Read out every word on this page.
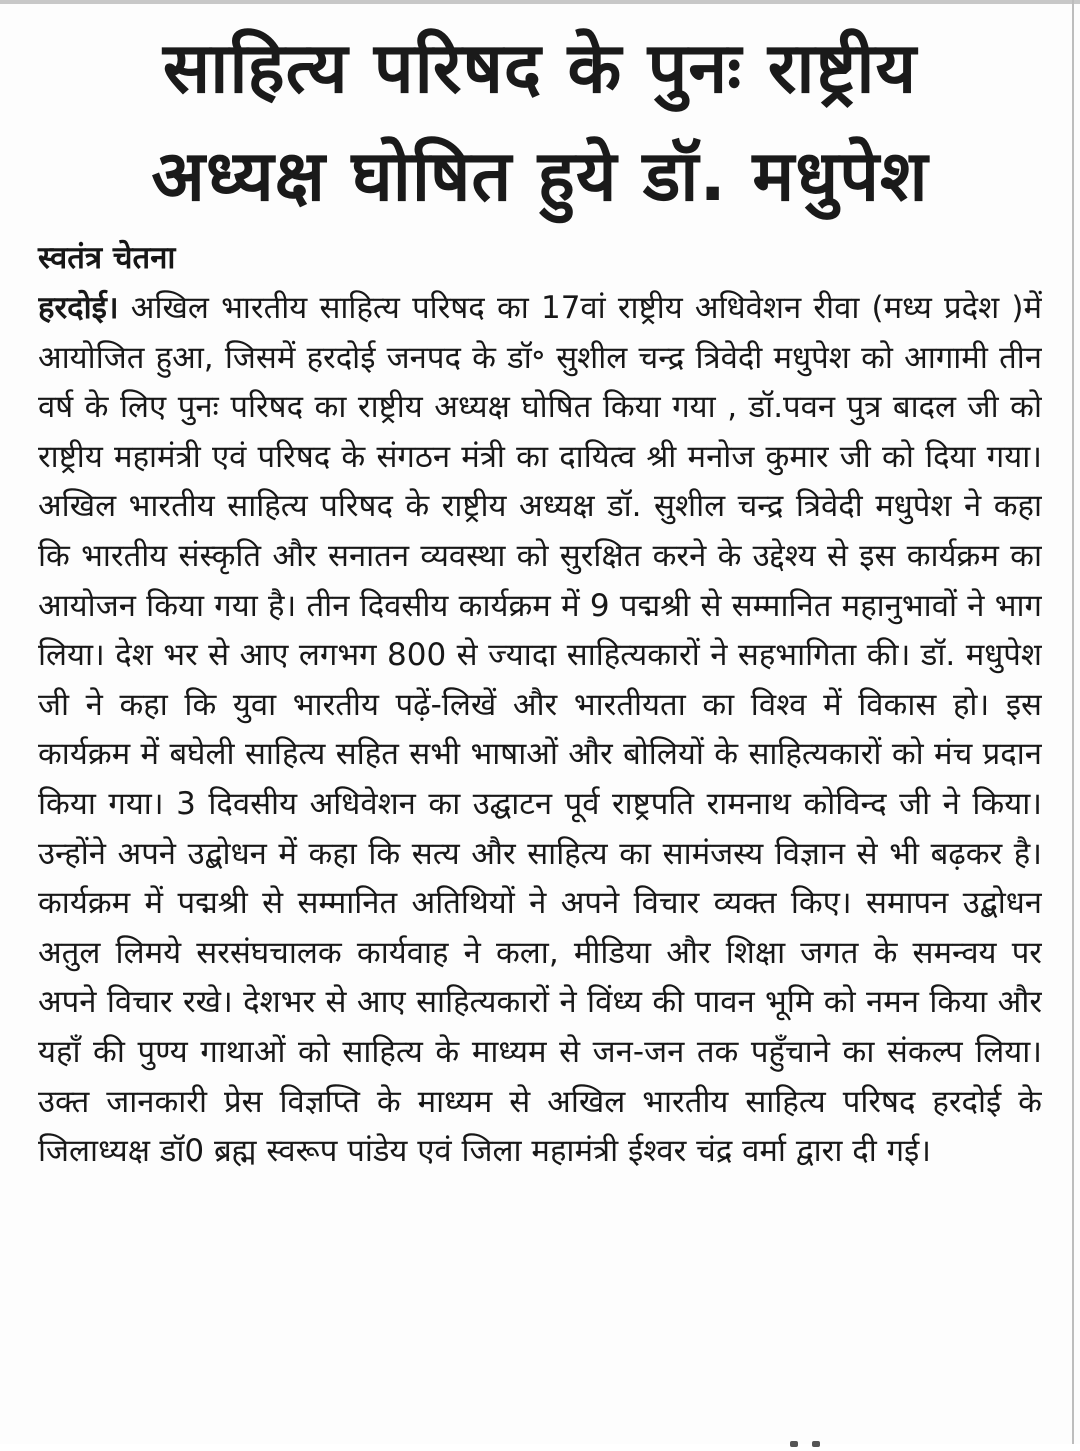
साहित्य परिषद के पुनः राष्ट्रीय
अध्यक्ष घोषित हुये डॉ. मधुपेश
स्वतंत्र चेतना
हरदोई। अखिल भारतीय साहित्य परिषद का 17वां राष्ट्रीय अधिवेशन रीवा (मध्य प्रदेश )में आयोजित हुआ, जिसमें हरदोई जनपद के डॉ॰ सुशील चन्द्र त्रिवेदी मधुपेश को आगामी तीन वर्ष के लिए पुनः परिषद का राष्ट्रीय अध्यक्ष घोषित किया गया , डॉ.पवन पुत्र बादल जी को राष्ट्रीय महामंत्री एवं परिषद के संगठन मंत्री का दायित्व श्री मनोज कुमार जी को दिया गया। अखिल भारतीय साहित्य परिषद के राष्ट्रीय अध्यक्ष डॉ. सुशील चन्द्र त्रिवेदी मधुपेश ने कहा कि भारतीय संस्कृति और सनातन व्यवस्था को सुरक्षित करने के उद्देश्य से इस कार्यक्रम का आयोजन किया गया है। तीन दिवसीय कार्यक्रम में 9 पद्मश्री से सम्मानित महानुभावों ने भाग लिया। देश भर से आए लगभग 800 से ज्यादा साहित्यकारों ने सहभागिता की। डॉ. मधुपेश जी ने कहा कि युवा भारतीय पढ़ें-लिखें और भारतीयता का विश्व में विकास हो। इस कार्यक्रम में बघेली साहित्य सहित सभी भाषाओं और बोलियों के साहित्यकारों को मंच प्रदान किया गया। 3 दिवसीय अधिवेशन का उद्घाटन पूर्व राष्ट्रपति रामनाथ कोविन्द जी ने किया। उन्होंने अपने उद्बोधन में कहा कि सत्य और साहित्य का सामंजस्य विज्ञान से भी बढ़कर है। कार्यक्रम में पद्मश्री से सम्मानित अतिथियों ने अपने विचार व्यक्त किए। समापन उद्बोधन अतुल लिमये सरसंघचालक कार्यवाह ने कला, मीडिया और शिक्षा जगत के समन्वय पर अपने विचार रखे। देशभर से आए साहित्यकारों ने विंध्य की पावन भूमि को नमन किया और यहाँ की पुण्य गाथाओं को साहित्य के माध्यम से जन-जन तक पहुँचाने का संकल्प लिया। उक्त जानकारी प्रेस विज्ञप्ति के माध्यम से अखिल भारतीय साहित्य परिषद हरदोई के जिलाध्यक्ष डॉ0 ब्रह्म स्वरूप पांडेय एवं जिला महामंत्री ईश्वर चंद्र वर्मा द्वारा दी गई।
